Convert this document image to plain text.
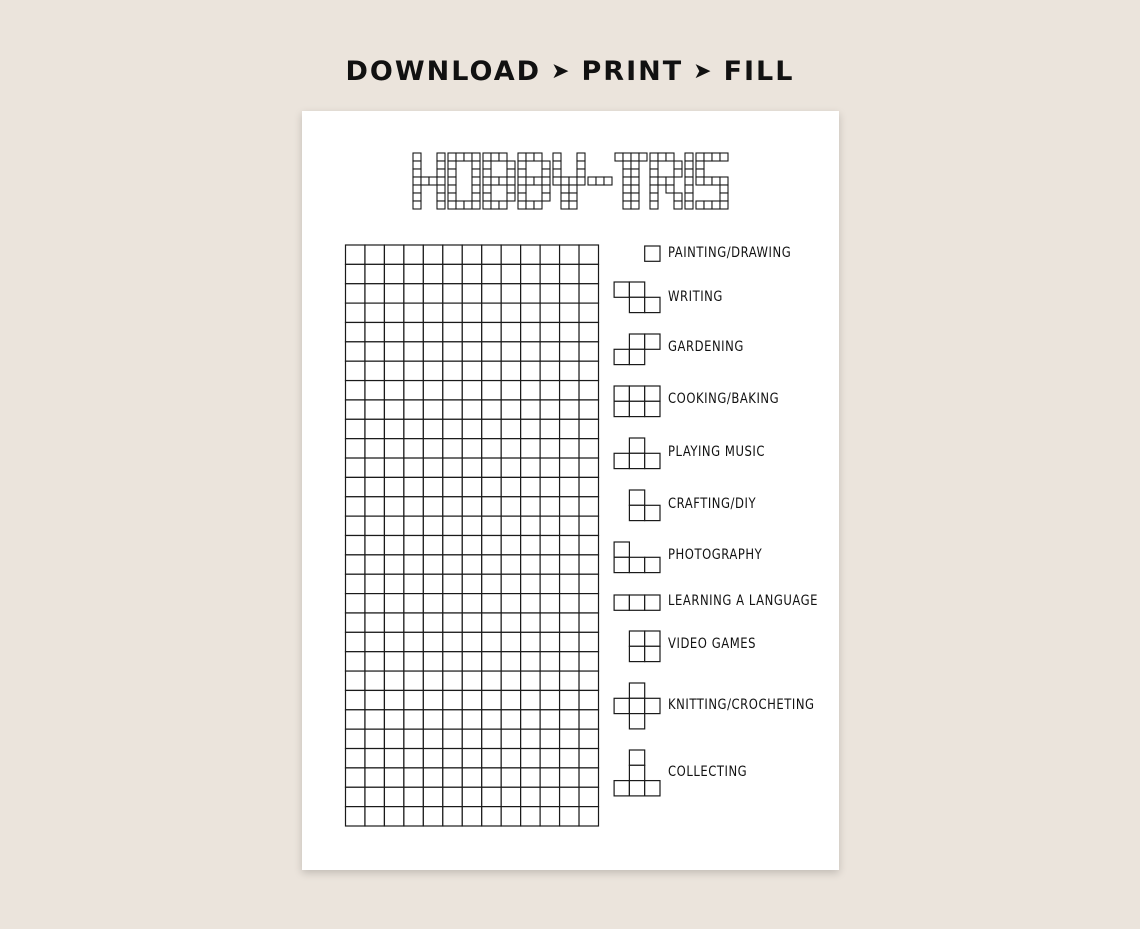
DOWNLOAD ➤ PRINT ➤ FILL
PAINTING/DRAWING
WRITING
GARDENING
COOKING/BAKING
PLAYING MUSIC
CRAFTING/DIY
PHOTOGRAPHY
LEARNING A LANGUAGE
VIDEO GAMES
KNITTING/CROCHETING
COLLECTING
